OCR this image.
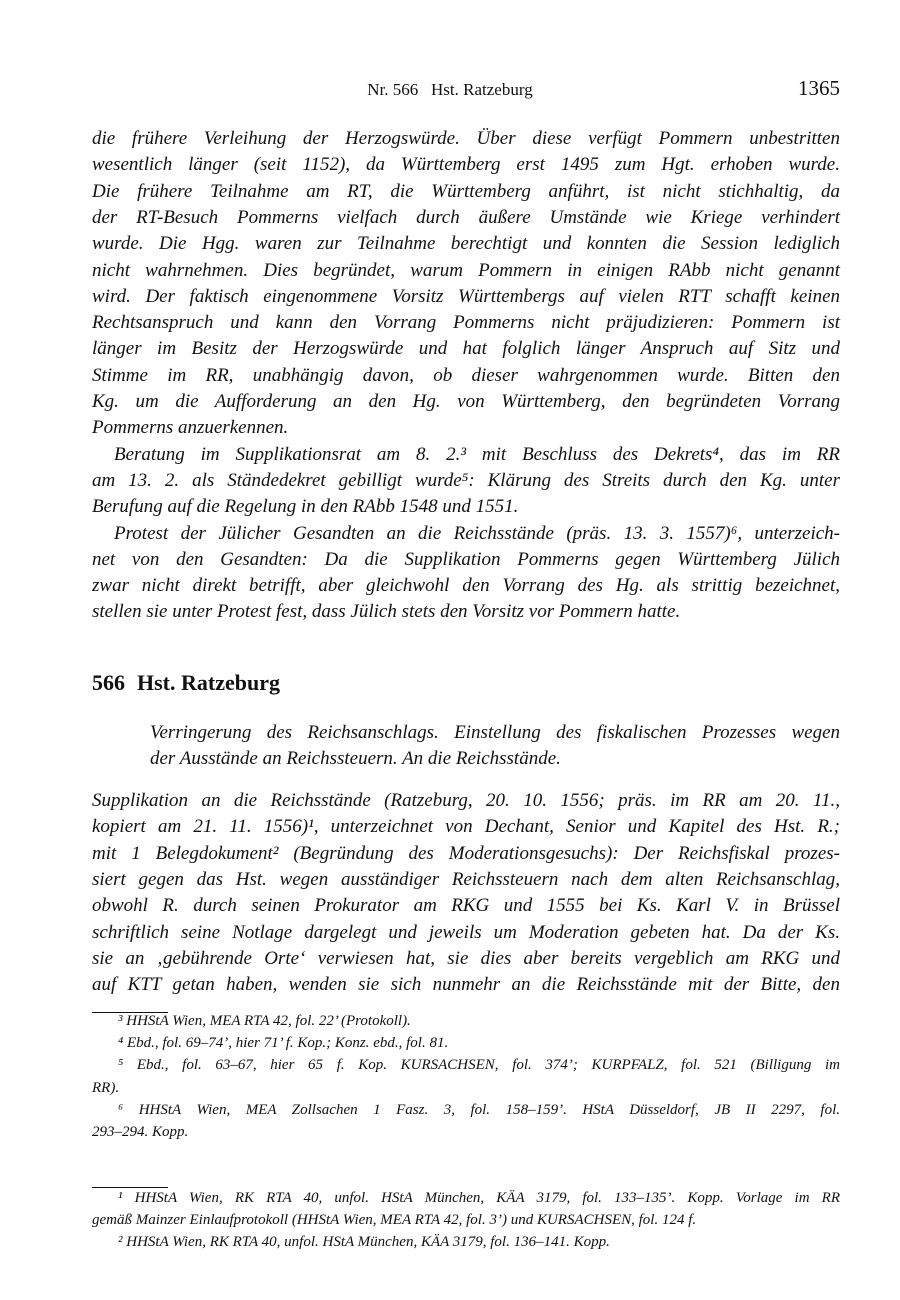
Nr. 566   Hst. Ratzeburg	1365
die frühere Verleihung der Herzogswürde. Über diese verfügt Pommern unbestritten
wesentlich länger (seit 1152), da Württemberg erst 1495 zum Hgt. erhoben wurde.
Die frühere Teilnahme am RT, die Württemberg anführt, ist nicht stichhaltig, da
der RT-Besuch Pommerns vielfach durch äußere Umstände wie Kriege verhindert
wurde. Die Hgg. waren zur Teilnahme berechtigt und konnten die Session lediglich
nicht wahrnehmen. Dies begründet, warum Pommern in einigen RAbb nicht genannt
wird. Der faktisch eingenommene Vorsitz Württembergs auf vielen RTT schafft keinen
Rechtsanspruch und kann den Vorrang Pommerns nicht präjudizieren: Pommern ist
länger im Besitz der Herzogswürde und hat folglich länger Anspruch auf Sitz und
Stimme im RR, unabhängig davon, ob dieser wahrgenommen wurde. Bitten den
Kg. um die Aufforderung an den Hg. von Württemberg, den begründeten Vorrang
Pommerns anzuerkennen.
Beratung im Supplikationsrat am 8. 2.³ mit Beschluss des Dekrets⁴, das im RR
am 13. 2. als Ständedekret gebilligt wurde⁵: Klärung des Streits durch den Kg. unter
Berufung auf die Regelung in den RAbb 1548 und 1551.
Protest der Jülicher Gesandten an die Reichsstände (präs. 13. 3. 1557)⁶, unterzeich-
net von den Gesandten: Da die Supplikation Pommerns gegen Württemberg Jülich
zwar nicht direkt betrifft, aber gleichwohl den Vorrang des Hg. als strittig bezeichnet,
stellen sie unter Protest fest, dass Jülich stets den Vorsitz vor Pommern hatte.
566 Hst. Ratzeburg
Verringerung des Reichsanschlags. Einstellung des fiskalischen Prozesses wegen
der Ausstände an Reichssteuern. An die Reichsstände.
Supplikation an die Reichsstände (Ratzeburg, 20. 10. 1556; präs. im RR am 20. 11.,
kopiert am 21. 11. 1556)¹, unterzeichnet von Dechant, Senior und Kapitel des Hst. R.;
mit 1 Belegdokument² (Begründung des Moderationsgesuchs): Der Reichsfiskal prozes-
siert gegen das Hst. wegen ausständiger Reichssteuern nach dem alten Reichsanschlag,
obwohl R. durch seinen Prokurator am RKG und 1555 bei Ks. Karl V. in Brüssel
schriftlich seine Notlage dargelegt und jeweils um Moderation gebeten hat. Da der Ks.
sie an ‚gebührende Orte‘ verwiesen hat, sie dies aber bereits vergeblich am RKG und
auf KTT getan haben, wenden sie sich nunmehr an die Reichsstände mit der Bitte, den
³ HHStA Wien, MEA RTA 42, fol. 22’ (Protokoll).
⁴ Ebd., fol. 69–74’, hier 71’ f. Kop.; Konz. ebd., fol. 81.
⁵ Ebd., fol. 63–67, hier 65 f. Kop. KURSACHSEN, fol. 374’; KURPFALZ, fol. 521 (Billigung im
RR).
⁶ HHStA Wien, MEA Zollsachen 1 Fasz. 3, fol. 158–159’. HStA Düsseldorf, JB II 2297, fol.
293–294. Kopp.
¹ HHStA Wien, RK RTA 40, unfol. HStA München, KÄA 3179, fol. 133–135’. Kopp. Vorlage im RR
gemäß Mainzer Einlaufprotokoll (HHStA Wien, MEA RTA 42, fol. 3’) und KURSACHSEN, fol. 124 f.
² HHStA Wien, RK RTA 40, unfol. HStA München, KÄA 3179, fol. 136–141. Kopp.
